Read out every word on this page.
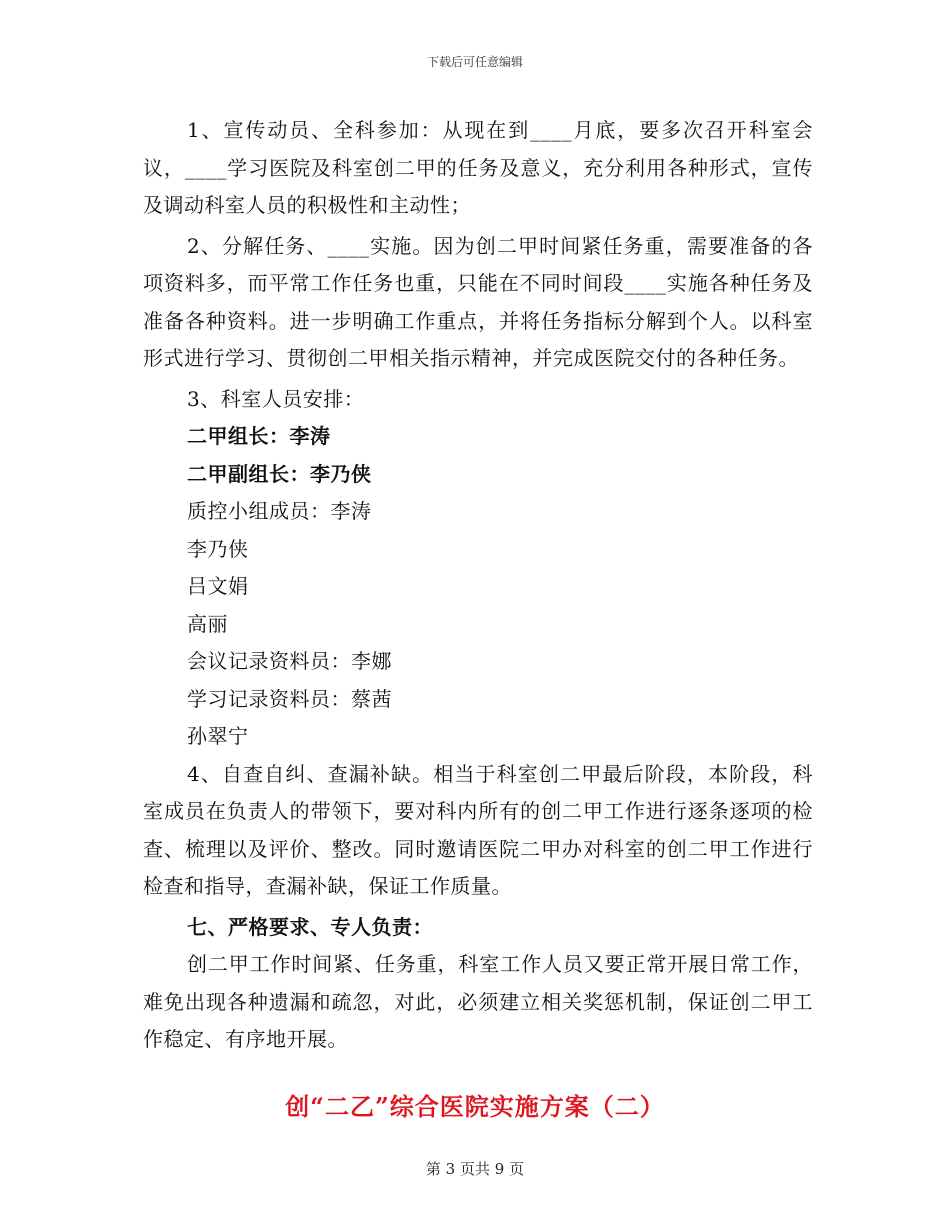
下载后可任意编辑

1、宣传动员、全科参加：从现在到____月底，要多次召开科室会议，____学习医院及科室创二甲的任务及意义，充分利用各种形式，宣传及调动科室人员的积极性和主动性；

2、分解任务、____实施。因为创二甲时间紧任务重，需要准备的各项资料多，而平常工作任务也重，只能在不同时间段____实施各种任务及准备各种资料。进一步明确工作重点，并将任务指标分解到个人。以科室形式进行学习、贯彻创二甲相关指示精神，并完成医院交付的各种任务。

3、科室人员安排：

二甲组长：李涛

二甲副组长：李乃侠

质控小组成员：李涛

李乃侠

吕文娟

高丽

会议记录资料员：李娜

学习记录资料员：蔡茜

孙翠宁

4、自查自纠、查漏补缺。相当于科室创二甲最后阶段，本阶段，科室成员在负责人的带领下，要对科内所有的创二甲工作进行逐条逐项的检查、梳理以及评价、整改。同时邀请医院二甲办对科室的创二甲工作进行检查和指导，查漏补缺，保证工作质量。

七、严格要求、专人负责：

创二甲工作时间紧、任务重，科室工作人员又要正常开展日常工作，难免出现各种遗漏和疏忽，对此，必须建立相关奖惩机制，保证创二甲工作稳定、有序地开展。

创“二乙”综合医院实施方案（二）
第 3 页共 9 页
